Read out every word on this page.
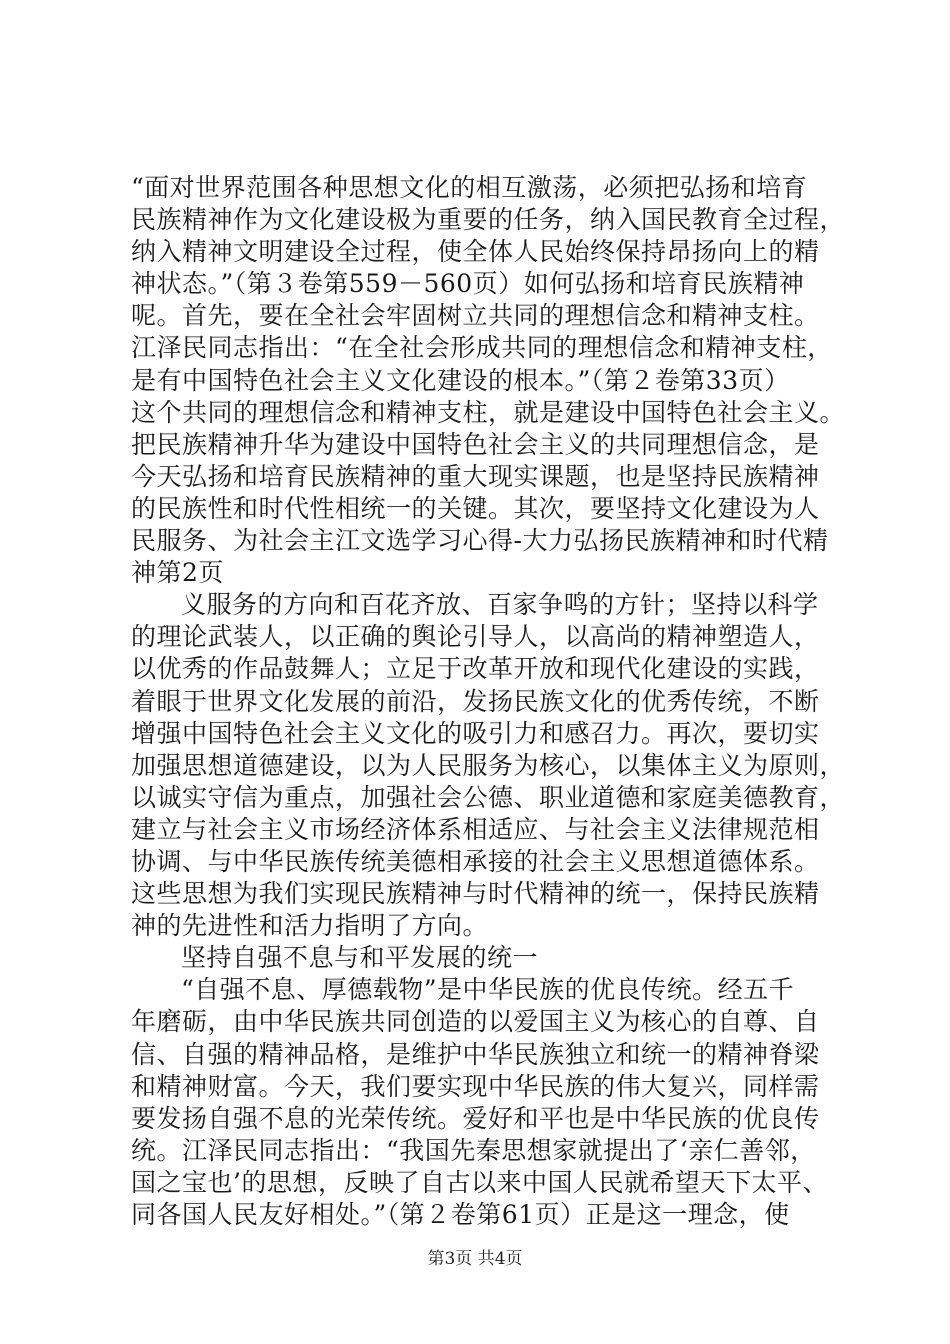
“面对世界范围各种思想文化的相互激荡，必须把弘扬和培育
民族精神作为文化建设极为重要的任务，纳入国民教育全过程，
纳入精神文明建设全过程，使全体人民始终保持昂扬向上的精
神状态。”（第３卷第559－560页）如何弘扬和培育民族精神
呢。首先，要在全社会牢固树立共同的理想信念和精神支柱。
江泽民同志指出：“在全社会形成共同的理想信念和精神支柱，
是有中国特色社会主义文化建设的根本。”（第２卷第33页）
这个共同的理想信念和精神支柱，就是建设中国特色社会主义。
把民族精神升华为建设中国特色社会主义的共同理想信念，是
今天弘扬和培育民族精神的重大现实课题，也是坚持民族精神
的民族性和时代性相统一的关键。其次，要坚持文化建设为人
民服务、为社会主江文选学习心得-大力弘扬民族精神和时代精
神第2页
义服务的方向和百花齐放、百家争鸣的方针；坚持以科学
的理论武装人，以正确的舆论引导人，以高尚的精神塑造人，
以优秀的作品鼓舞人；立足于改革开放和现代化建设的实践，
着眼于世界文化发展的前沿，发扬民族文化的优秀传统，不断
增强中国特色社会主义文化的吸引力和感召力。再次，要切实
加强思想道德建设，以为人民服务为核心，以集体主义为原则，
以诚实守信为重点，加强社会公德、职业道德和家庭美德教育，
建立与社会主义市场经济体系相适应、与社会主义法律规范相
协调、与中华民族传统美德相承接的社会主义思想道德体系。
这些思想为我们实现民族精神与时代精神的统一，保持民族精
神的先进性和活力指明了方向。
坚持自强不息与和平发展的统一
“自强不息、厚德载物”是中华民族的优良传统。经五千
年磨砺，由中华民族共同创造的以爱国主义为核心的自尊、自
信、自强的精神品格，是维护中华民族独立和统一的精神脊梁
和精神财富。今天，我们要实现中华民族的伟大复兴，同样需
要发扬自强不息的光荣传统。爱好和平也是中华民族的优良传
统。江泽民同志指出：“我国先秦思想家就提出了‘亲仁善邻，
国之宝也’的思想，反映了自古以来中国人民就希望天下太平、
同各国人民友好相处。”（第２卷第61页）正是这一理念，使
第3页 共4页
